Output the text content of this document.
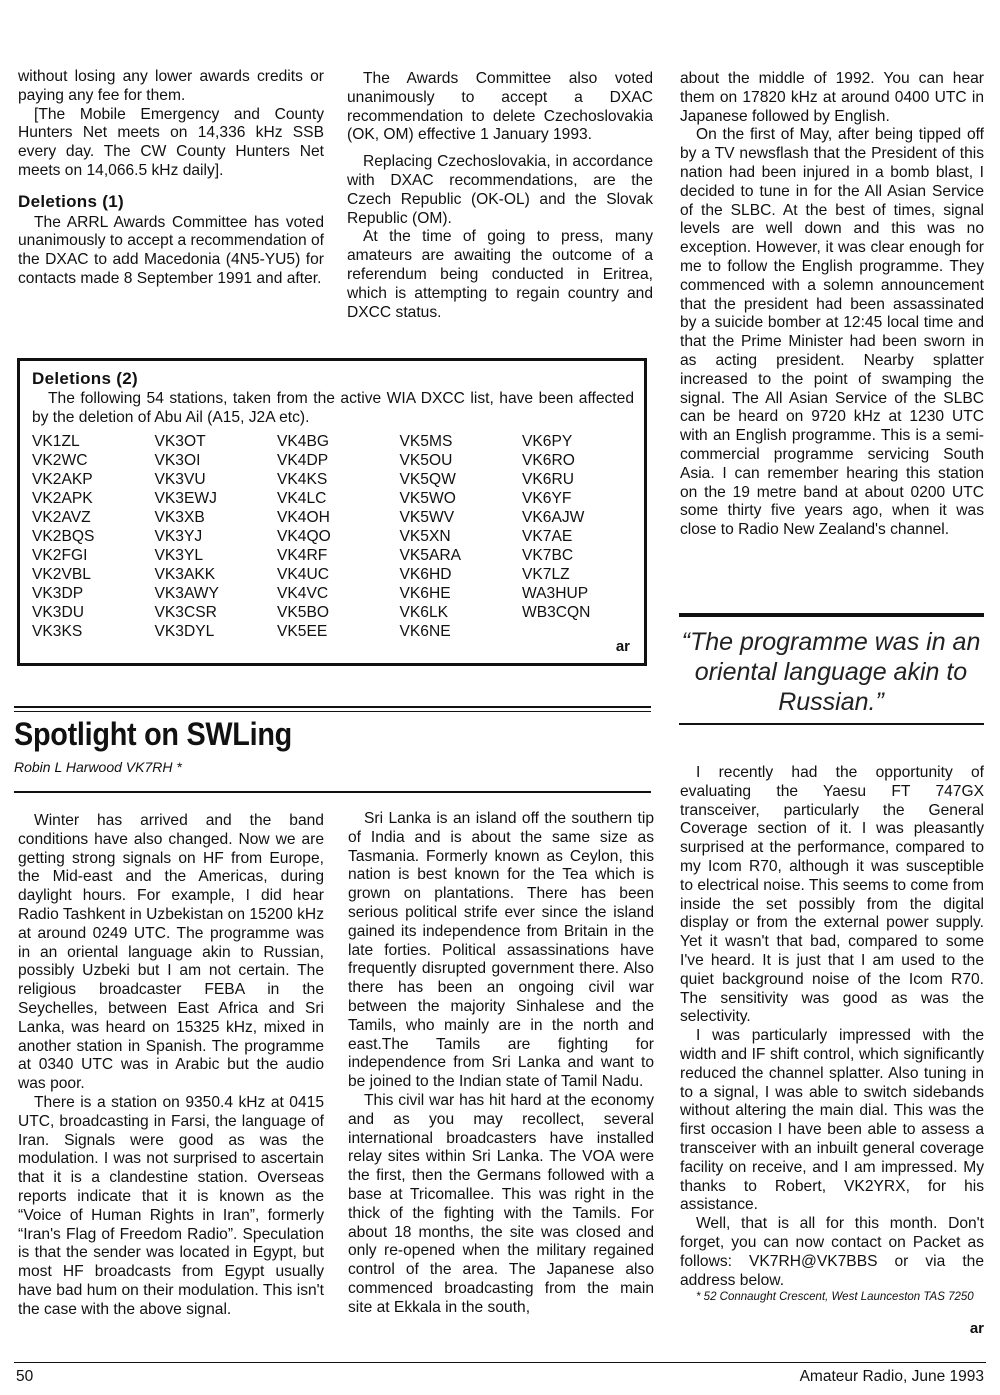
without losing any lower awards credits or paying any fee for them.

[The Mobile Emergency and County Hunters Net meets on 14,336 kHz SSB every day. The CW County Hunters Net meets on 14,066.5 kHz daily].

Deletions (1)

The ARRL Awards Committee has voted unanimously to accept a recommendation of the DXAC to add Macedonia (4N5-YU5) for contacts made 8 September 1991 and after.

The Awards Committee also voted unanimously to accept a DXAC recommendation to delete Czechoslovakia (OK, OM) effective 1 January 1993.

Replacing Czechoslovakia, in accordance with DXAC recommendations, are the Czech Republic (OK-OL) and the Slovak Republic (OM).

At the time of going to press, many amateurs are awaiting the outcome of a referendum being conducted in Eritrea, which is attempting to regain country and DXCC status.

about the middle of 1992. You can hear them on 17820 kHz at around 0400 UTC in Japanese followed by English.

On the first of May, after being tipped off by a TV newsflash that the President of this nation had been injured in a bomb blast, I decided to tune in for the All Asian Service of the SLBC. At the best of times, signal levels are well down and this was no exception. However, it was clear enough for me to follow the English programme. They commenced with a solemn announcement that the president had been assassinated by a suicide bomber at 12:45 local time and that the Prime Minister had been sworn in as acting president. Nearby splatter increased to the point of swamping the signal. The All Asian Service of the SLBC can be heard on 9720 kHz at 1230 UTC with an English programme. This is a semi-commercial programme servicing South Asia. I can remember hearing this station on the 19 metre band at about 0200 UTC some thirty five years ago, when it was close to Radio New Zealand's channel.

Deletions (2)

The following 54 stations, taken from the active WIA DXCC list, have been affected by the deletion of Abu Ail (A15, J2A etc).

VK1ZL
VK2WC
VK2AKP
VK2APK
VK2AVZ
VK2BQS
VK2FGI
VK2VBL
VK3DP
VK3DU
VK3KS
VK3OT
VK3OI
VK3VU
VK3EWJ
VK3XB
VK3YJ
VK3YL
VK3AKK
VK3AWY
VK3CSR
VK3DYL
VK4BG
VK4DP
VK4KS
VK4LC
VK4OH
VK4QO
VK4RF
VK4UC
VK4VC
VK5BO
VK5EE
VK5MS
VK5OU
VK5QW
VK5WO
VK5WV
VK5XN
VK5ARA
VK6HD
VK6HE
VK6LK
VK6NE
VK6PY
VK6RO
VK6RU
VK6YF
VK6AJW
VK7AE
VK7BC
VK7LZ
WA3HUP
WB3CQN
ar	“The programme was in an oriental language akin to Russian.”
Spotlight on SWLing
Robin L Harwood VK7RH *

Winter has arrived and the band conditions have also changed. Now we are getting strong signals on HF from Europe, the Mid-east and the Americas, during daylight hours. For example, I did hear Radio Tashkent in Uzbekistan on 15200 kHz at around 0249 UTC. The programme was in an oriental language akin to Russian, possibly Uzbeki but I am not certain. The religious broadcaster FEBA in the Seychelles, between East Africa and Sri Lanka, was heard on 15325 kHz, mixed in another station in Spanish. The programme at 0340 UTC was in Arabic but the audio was poor.

There is a station on 9350.4 kHz at 0415 UTC, broadcasting in Farsi, the language of Iran. Signals were good as was the modulation. I was not surprised to ascertain that it is a clandestine station. Overseas reports indicate that it is known as the “Voice of Human Rights in Iran”, formerly “Iran's Flag of Freedom Radio”. Speculation is that the sender was located in Egypt, but most HF broadcasts from Egypt usually have bad hum on their modulation. This isn't the case with the above signal.

Sri Lanka is an island off the southern tip of India and is about the same size as Tasmania. Formerly known as Ceylon, this nation is best known for the Tea which is grown on plantations. There has been serious political strife ever since the island gained its independence from Britain in the late forties. Political assassinations have frequently disrupted government there. Also there has been an ongoing civil war between the majority Sinhalese and the Tamils, who mainly are in the north and east.The Tamils are fighting for independence from Sri Lanka and want to be joined to the Indian state of Tamil Nadu.

This civil war has hit hard at the economy and as you may recollect, several international broadcasters have installed relay sites within Sri Lanka. The VOA were the first, then the Germans followed with a base at Tricomallee. This was right in the thick of the fighting with the Tamils. For about 18 months, the site was closed and only re-opened when the military regained control of the area. The Japanese also commenced broadcasting from the main site at Ekkala in the south,

I recently had the opportunity of evaluating the Yaesu FT 747GX transceiver, particularly the General Coverage section of it. I was pleasantly surprised at the performance, compared to my Icom R70, although it was susceptible to electrical noise. This seems to come from inside the set possibly from the digital display or from the external power supply. Yet it wasn't that bad, compared to some I've heard. It is just that I am used to the quiet background noise of the Icom R70. The sensitivity was good as was the selectivity.

I was particularly impressed with the width and IF shift control, which significantly reduced the channel splatter. Also tuning in to a signal, I was able to switch sidebands without altering the main dial. This was the first occasion I have been able to assess a transceiver with an inbuilt general coverage facility on receive, and I am impressed. My thanks to Robert, VK2YRX, for his assistance.

Well, that is all for this month. Don't forget, you can now contact on Packet as follows: VK7RH@VK7BBS or via the address below.

* 52 Connaught Crescent, West Launceston TAS 7250

ar
50	Amateur Radio, June 1993
